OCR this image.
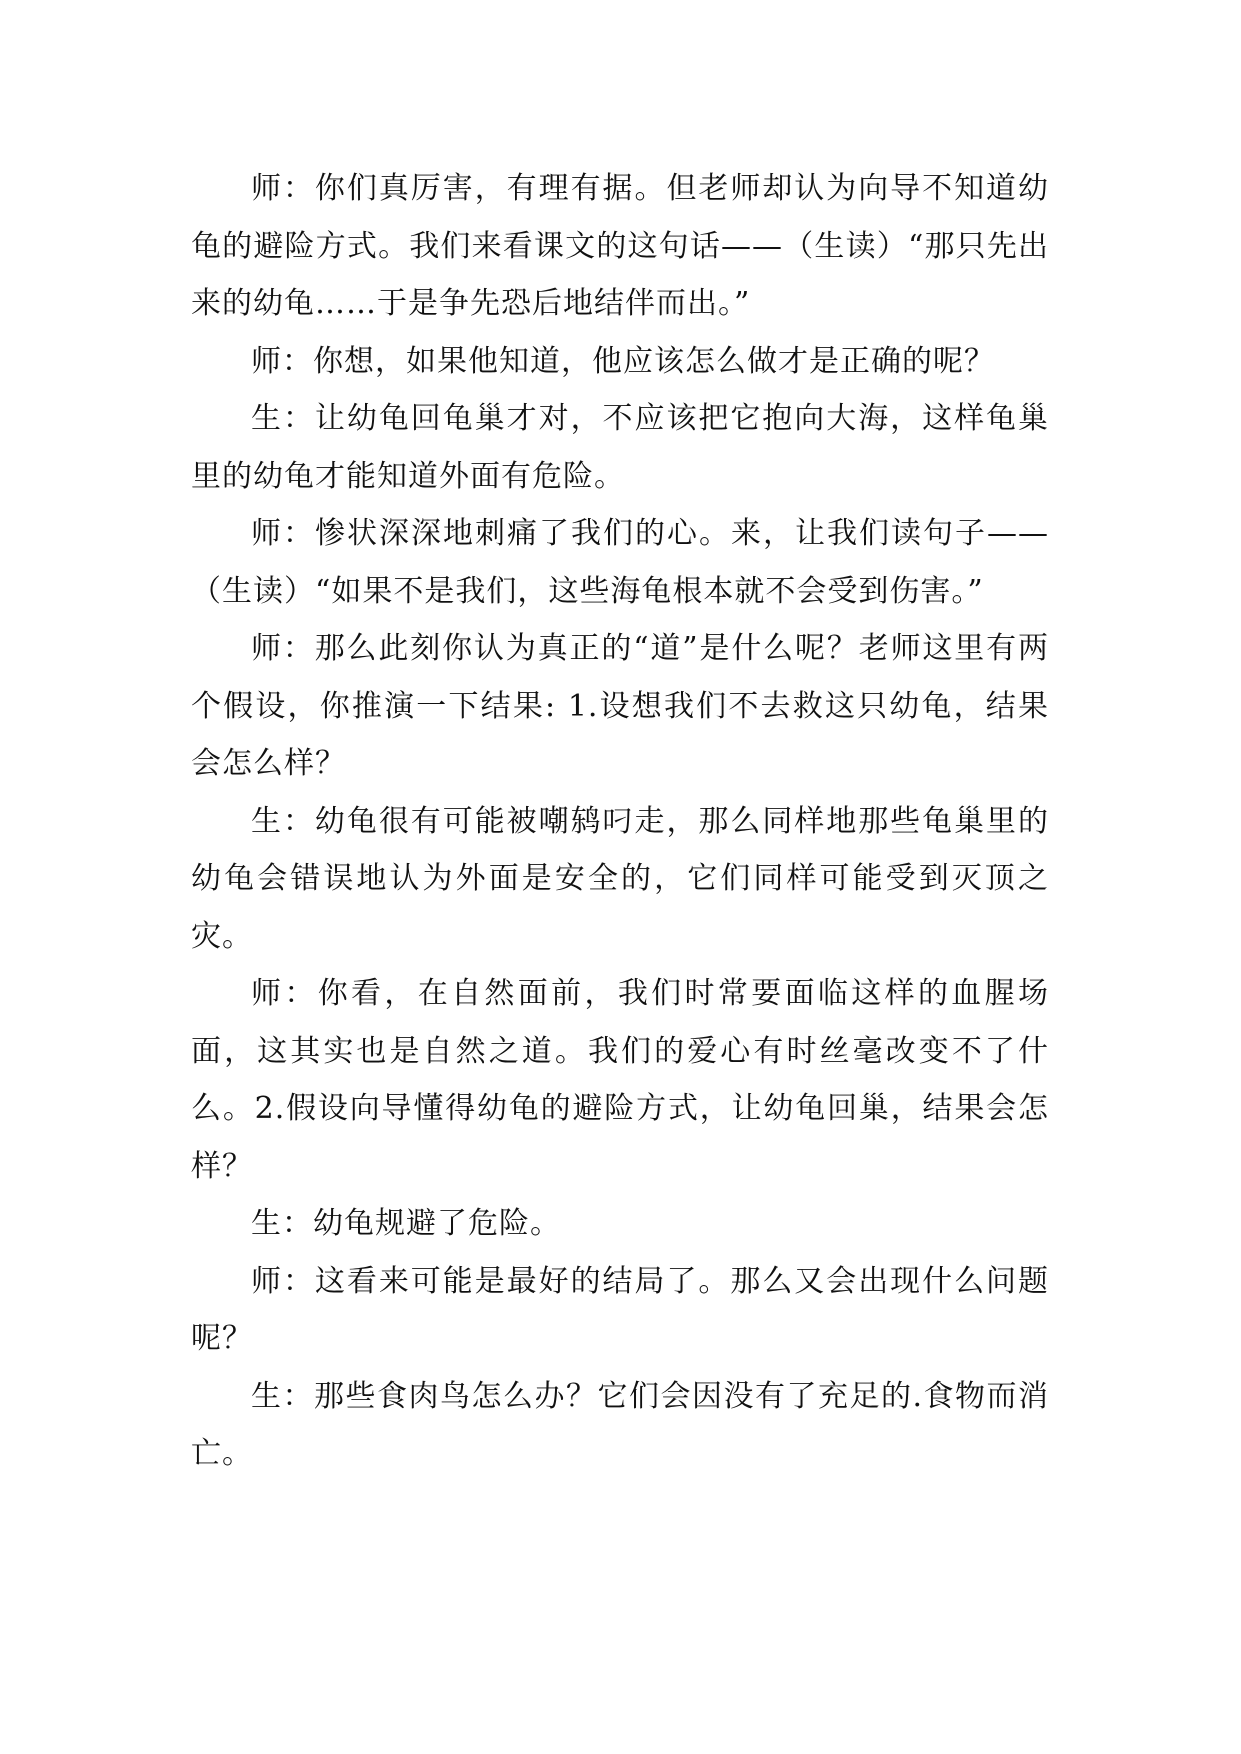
师：你们真厉害，有理有据。但老师却认为向导不知道幼龟的避险方式。我们来看课文的这句话——（生读）“那只先出来的幼龟……于是争先恐后地结伴而出。”

师：你想，如果他知道，他应该怎么做才是正确的呢？

生：让幼龟回龟巢才对，不应该把它抱向大海，这样龟巢里的幼龟才能知道外面有危险。

师：惨状深深地刺痛了我们的心。来，让我们读句子——（生读）“如果不是我们，这些海龟根本就不会受到伤害。”

师：那么此刻你认为真正的“道”是什么呢？老师这里有两个假设，你推演一下结果: 1.设想我们不去救这只幼龟，结果会怎么样？

生：幼龟很有可能被嘲鸫叼走，那么同样地那些龟巢里的幼龟会错误地认为外面是安全的，它们同样可能受到灭顶之灾。

师：你看，在自然面前，我们时常要面临这样的血腥场面，这其实也是自然之道。我们的爱心有时丝毫改变不了什么。2.假设向导懂得幼龟的避险方式，让幼龟回巢，结果会怎样？

生：幼龟规避了危险。

师：这看来可能是最好的结局了。那么又会出现什么问题呢？

生：那些食肉鸟怎么办？它们会因没有了充足的.食物而消亡。
